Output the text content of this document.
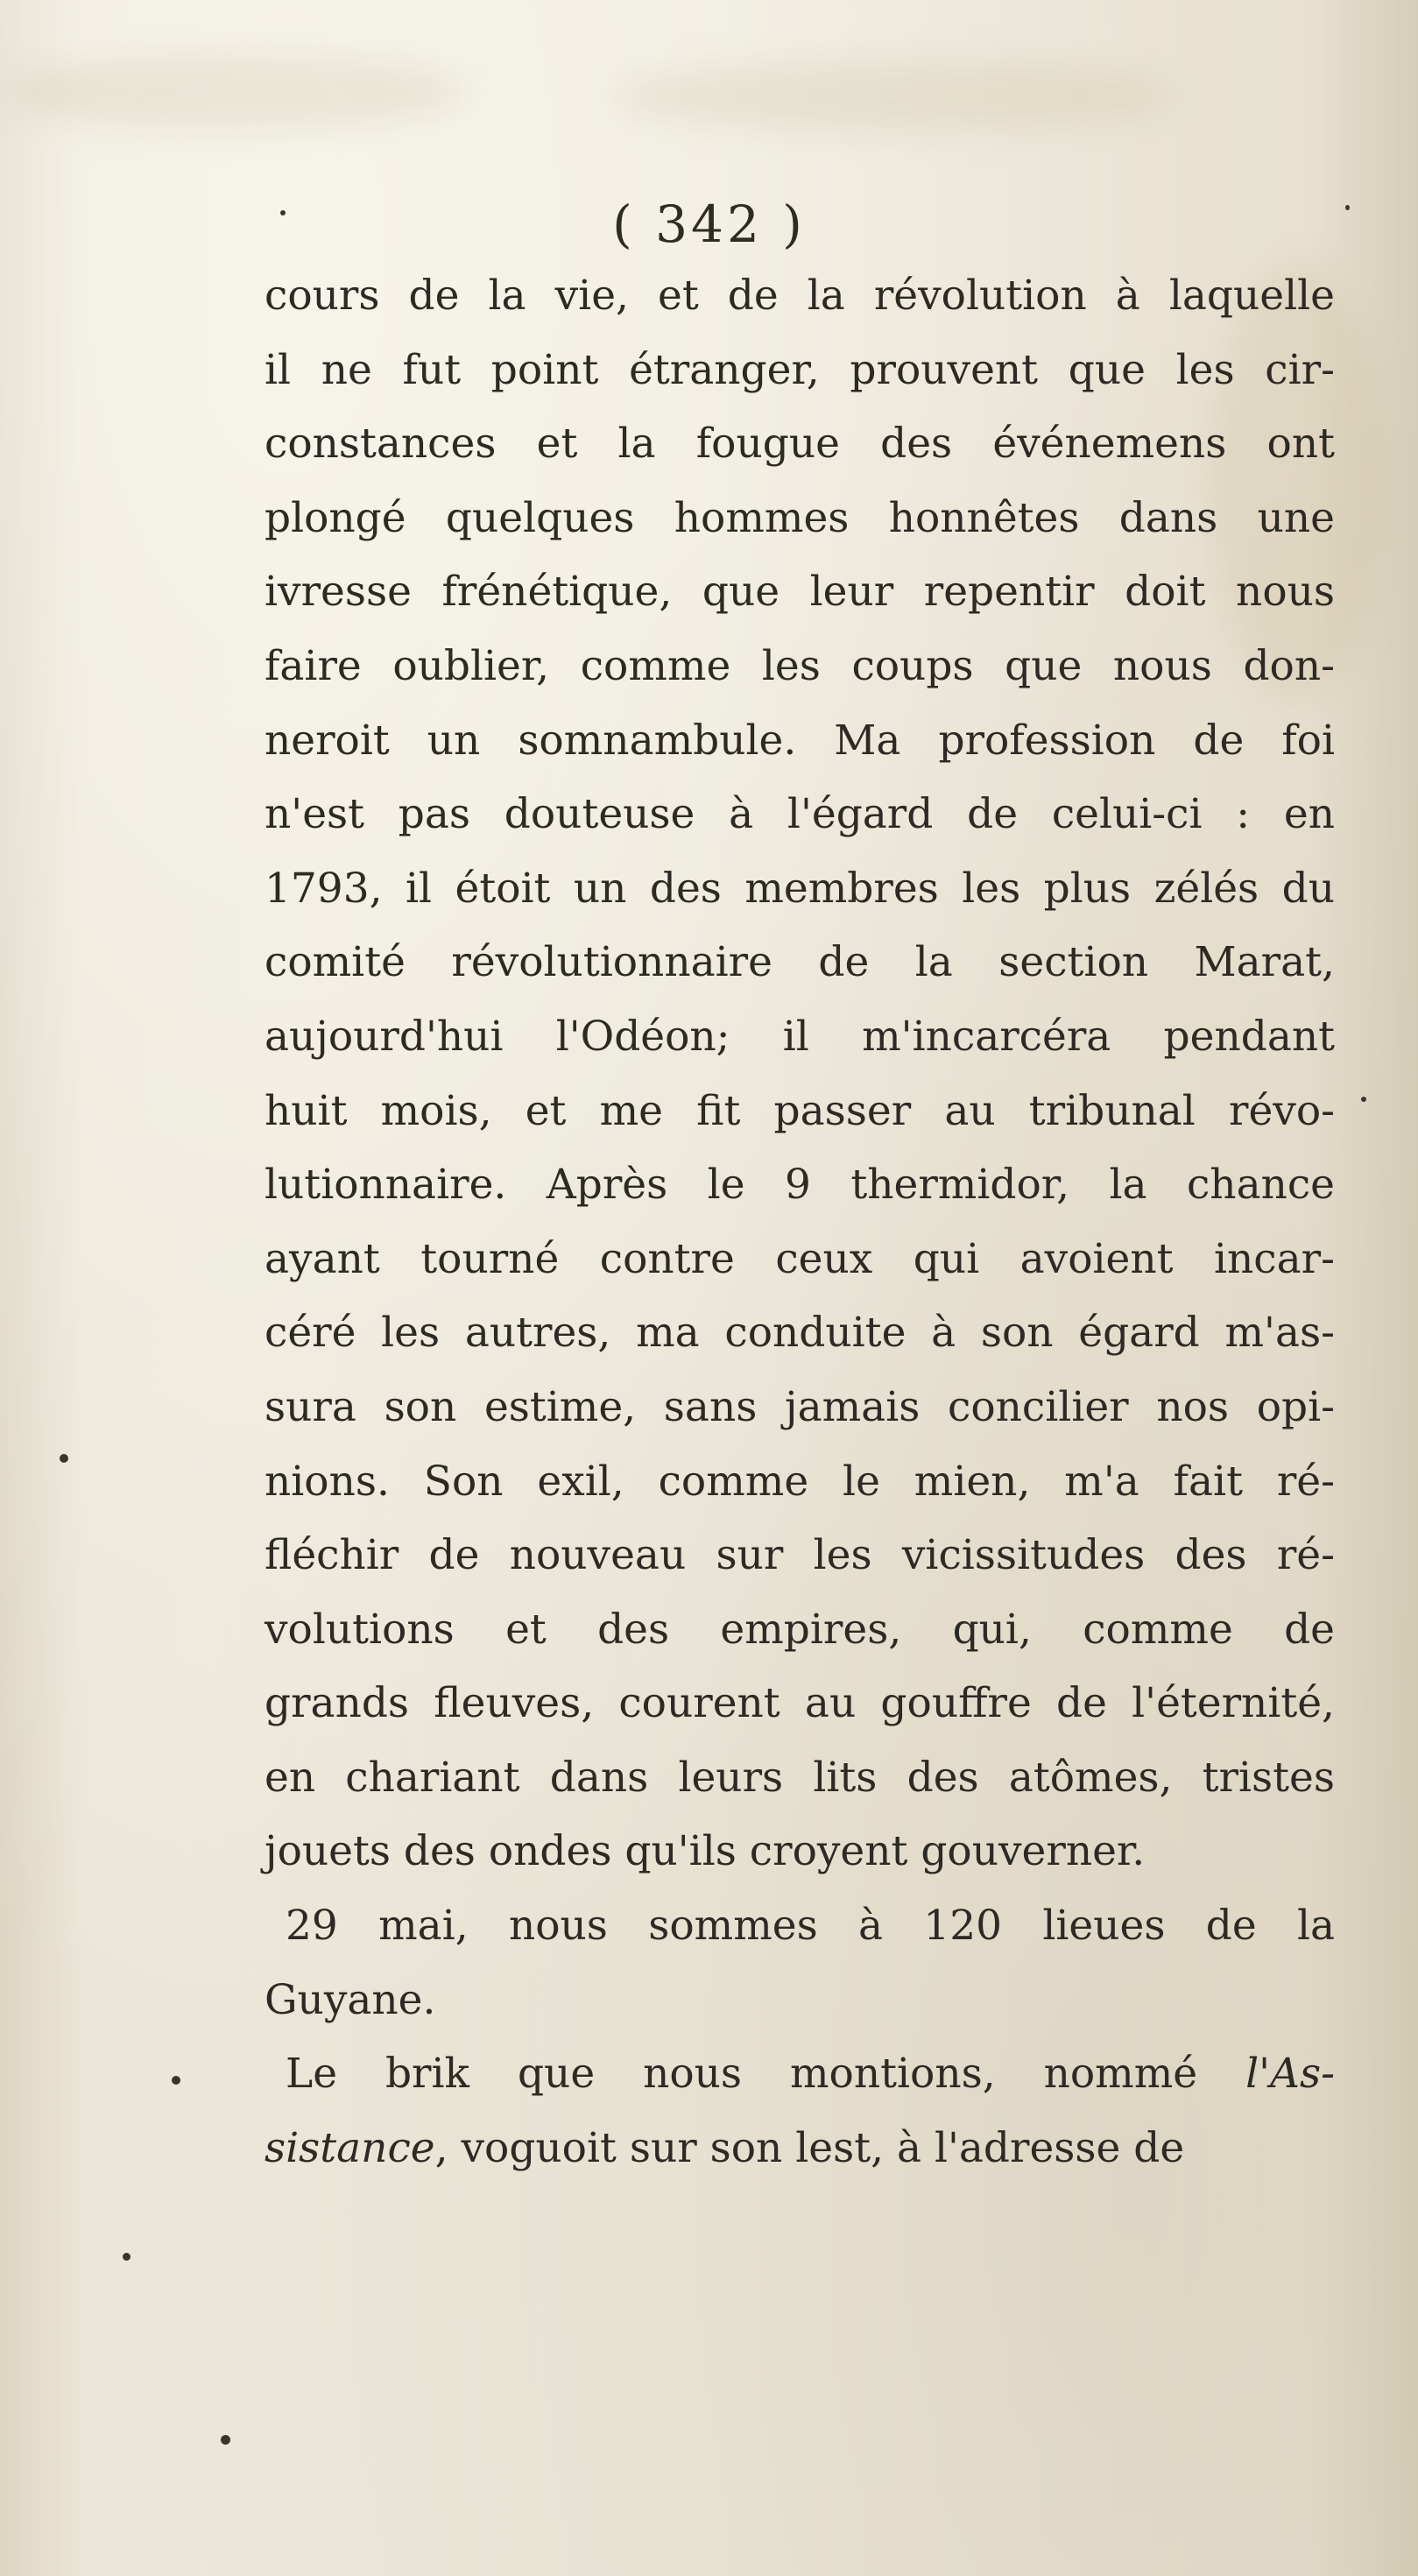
( 342 )
cours de la vie, et de la révolution à laquelle
il ne fut point étranger, prouvent que les cir-
constances et la fougue des événemens ont
plongé quelques hommes honnêtes dans une
ivresse frénétique, que leur repentir doit nous
faire oublier, comme les coups que nous don-
neroit un somnambule. Ma profession de foi
n'est pas douteuse à l'égard de celui-ci : en
1793, il étoit un des membres les plus zélés du
comité révolutionnaire de la section Marat,
aujourd'hui l'Odéon; il m'incarcéra pendant
huit mois, et me fit passer au tribunal révo-
lutionnaire. Après le 9 thermidor, la chance
ayant tourné contre ceux qui avoient incar-
céré les autres, ma conduite à son égard m'as-
sura son estime, sans jamais concilier nos opi-
nions. Son exil, comme le mien, m'a fait ré-
fléchir de nouveau sur les vicissitudes des ré-
volutions et des empires, qui, comme de
grands fleuves, courent au gouffre de l'éternité,
en chariant dans leurs lits des atômes, tristes
jouets des ondes qu'ils croyent gouverner.
29 mai, nous sommes à 120 lieues de la
Guyane.
Le brik que nous montions, nommé l'As-
sistance, voguoit sur son lest, à l'adresse de
